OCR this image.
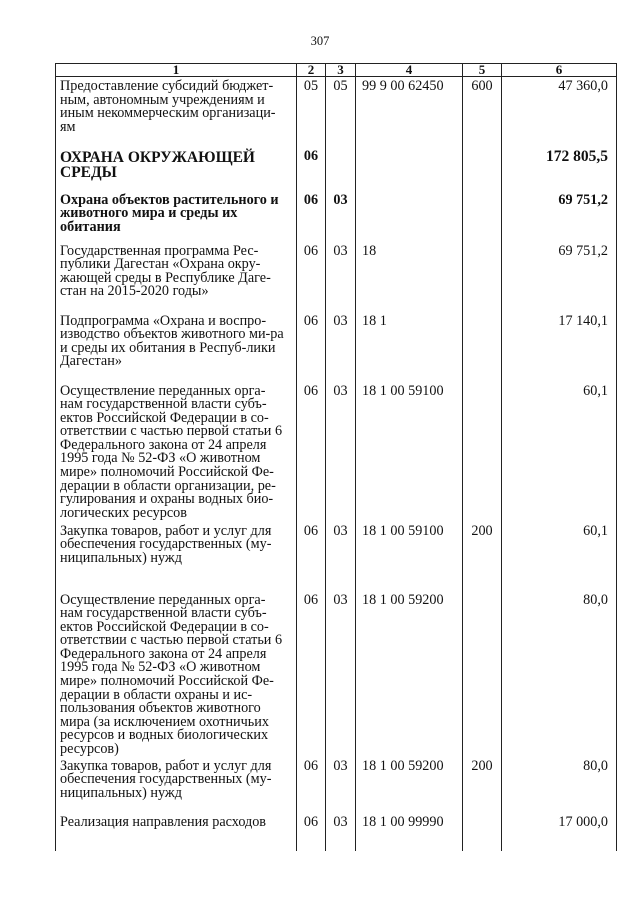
307
1	2	3	4	5	6
Предоставление субсидий бюджет-ным, автономным учреждениям и иным некоммерческим организаци-ям	05	05	99 9 00 62450	600	47 360,0
ОХРАНА ОКРУЖАЮЩЕЙ СРЕДЫ	06				172 805,5
Охрана объектов растительного и животного мира и среды их обитания	06	03			69 751,2
Государственная программа Рес-публики Дагестан «Охрана окру-жающей среды в Республике Даге-стан на 2015-2020 годы»	06	03	18		69 751,2
Подпрограмма «Охрана и воспро-изводство объектов животного ми-ра и среды их обитания в Респуб-лики Дагестан»	06	03	18 1		17 140,1
Осуществление переданных орга-нам государственной власти субъ-ектов Российской Федерации в со-ответствии с частью первой статьи 6 Федерального закона от 24 апреля 1995 года № 52-ФЗ «О животном мире» полномочий Российской Фе-дерации в области организации, ре-гулирования и охраны водных био-логических ресурсов	06	03	18 1 00 59100		60,1
Закупка товаров, работ и услуг для обеспечения государственных (му-ниципальных) нужд	06	03	18 1 00 59100	200	60,1
Осуществление переданных орга-нам государственной власти субъ-ектов Российской Федерации в со-ответствии с частью первой статьи 6 Федерального закона от 24 апреля 1995 года № 52-ФЗ «О животном мире» полномочий Российской Фе-дерации в области охраны и ис-пользования объектов животного мира (за исключением охотничьих ресурсов и водных биологических ресурсов)	06	03	18 1 00 59200		80,0
Закупка товаров, работ и услуг для обеспечения государственных (му-ниципальных) нужд	06	03	18 1 00 59200	200	80,0
Реализация направления расходов	06	03	18 1 00 99990		17 000,0
